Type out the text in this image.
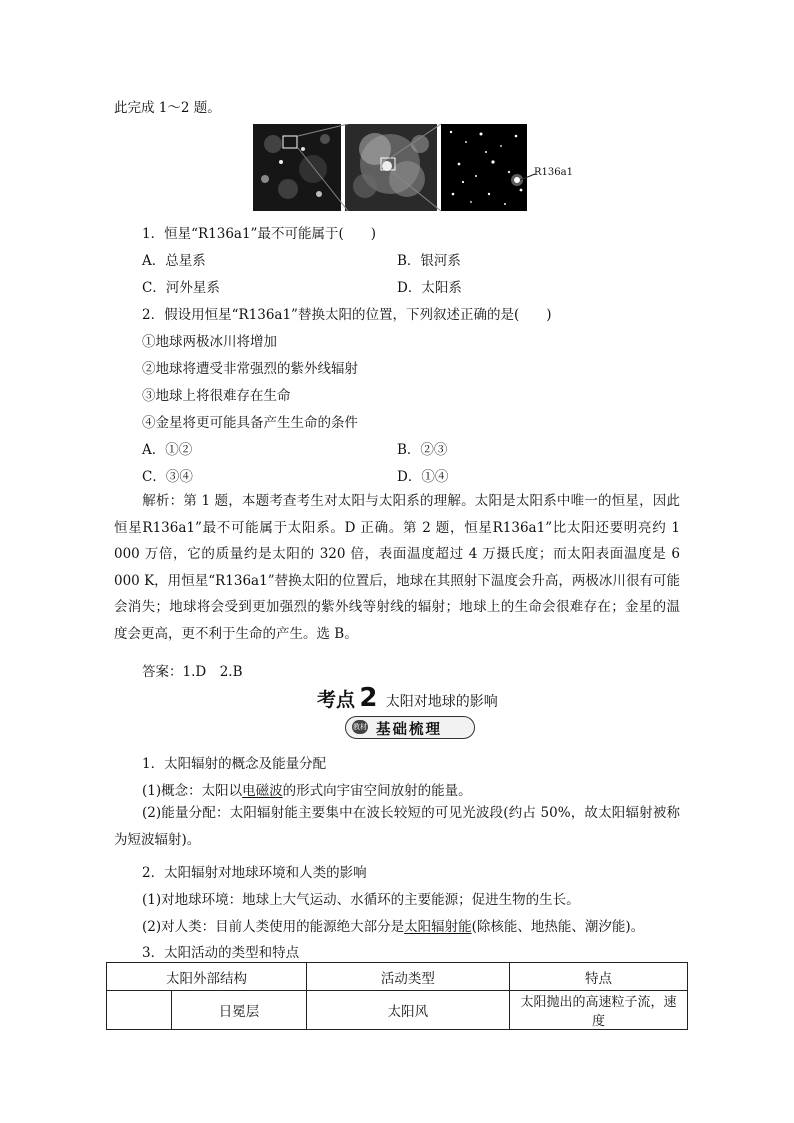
此完成 1～2 题。
R136a1
1．恒星“R136a1”最不可能属于(　　)
A．总星系	B．银河系
C．河外星系	D．太阳系
2．假设用恒星“R136a1”替换太阳的位置，下列叙述正确的是(　　)
①地球两极冰川将增加
②地球将遭受非常强烈的紫外线辐射
③地球上将很难存在生命
④金星将更可能具备产生生命的条件
A．①②	B．②③
C．③④	D．①④
解析：第 1 题，本题考查考生对太阳与太阳系的理解。太阳是太阳系中唯一的恒星，因此恒星R136a1”最不可能属于太阳系。D 正确。第 2 题，恒星R136a1”比太阳还要明亮约 1 000 万倍，它的质量约是太阳的 320 倍，表面温度超过 4 万摄氏度；而太阳表面温度是 6 000 K，用恒星“R136a1”替换太阳的位置后，地球在其照射下温度会升高，两极冰川很有可能会消失；地球将会受到更加强烈的紫外线等射线的辐射；地球上的生命会很难存在；金星的温度会更高，更不利于生命的产生。选 B。
答案：1.D　2.B
考点 2 太阳对地球的影响
教材 基础梳理
1．太阳辐射的概念及能量分配
(1)概念：太阳以电磁波的形式向宇宙空间放射的能量。
(2)能量分配：太阳辐射能主要集中在波长较短的可见光波段(约占 50%，故太阳辐射被称为短波辐射)。
2．太阳辐射对地球环境和人类的影响
(1)对地球环境：地球上大气运动、水循环的主要能源；促进生物的生长。
(2)对人类：目前人类使用的能源绝大部分是太阳辐射能(除核能、地热能、潮汐能)。
3．太阳活动的类型和特点
太阳外部结构		活动类型	特点
	日冕层	太阳风	太阳抛出的高速粒子流，速度
